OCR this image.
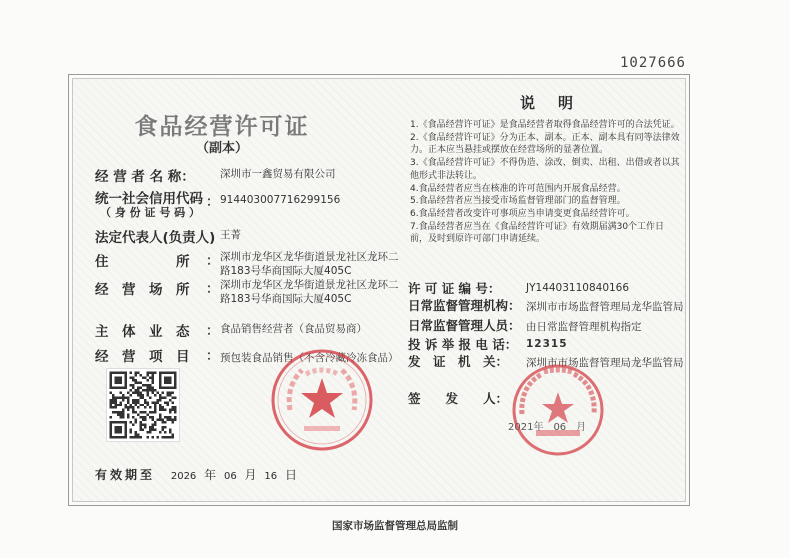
1027666
食品经营许可证
（副本）
经 营 者 名 称： 深圳市一鑫贸易有限公司
统一社会信用代码
（ 身 份 证 号 码 ）
： 914403007716299156
法定代表人(负责人) 王菁
住　　　　　所 ： 深圳市龙华区龙华街道景龙社区龙环二路183号华商国际大厦405C
经　营　场　所 ： 深圳市龙华区龙华街道景龙社区龙环二路183号华商国际大厦405C
主　体　业　态 ： 食品销售经营者（食品贸易商）
经　营　项　目 ： 预包装食品销售（不含冷藏冷冻食品）
有效期至 2026 年 06 月 16 日
说　明

1.《食品经营许可证》是食品经营者取得食品经营许可的合法凭证。

2.《食品经营许可证》分为正本、副本。正本、副本具有同等法律效力。正本应当悬挂或摆放在经营场所的显著位置。

3.《食品经营许可证》不得伪造、涂改、倒卖、出租、出借或者以其他形式非法转让。

4.食品经营者应当在核准的许可范围内开展食品经营。

5.食品经营者应当接受市场监督管理部门的监督管理。

6.食品经营者改变许可事项应当申请变更食品经营许可。

7.食品经营者应当在《食品经营许可证》有效期届满30个工作日前，及时到原许可部门申请延续。

许 可 证 编 号： JY14403110840166
日常监督管理机构： 深圳市市场监督管理局龙华监管局
日常监督管理人员： 由日常监督管理机构指定
投 诉 举 报 电 话： 12315
发　证　机　关： 深圳市市场监督管理局龙华监管局
签　　发　　人：
2021年　06　月
国家市场监督管理总局监制
